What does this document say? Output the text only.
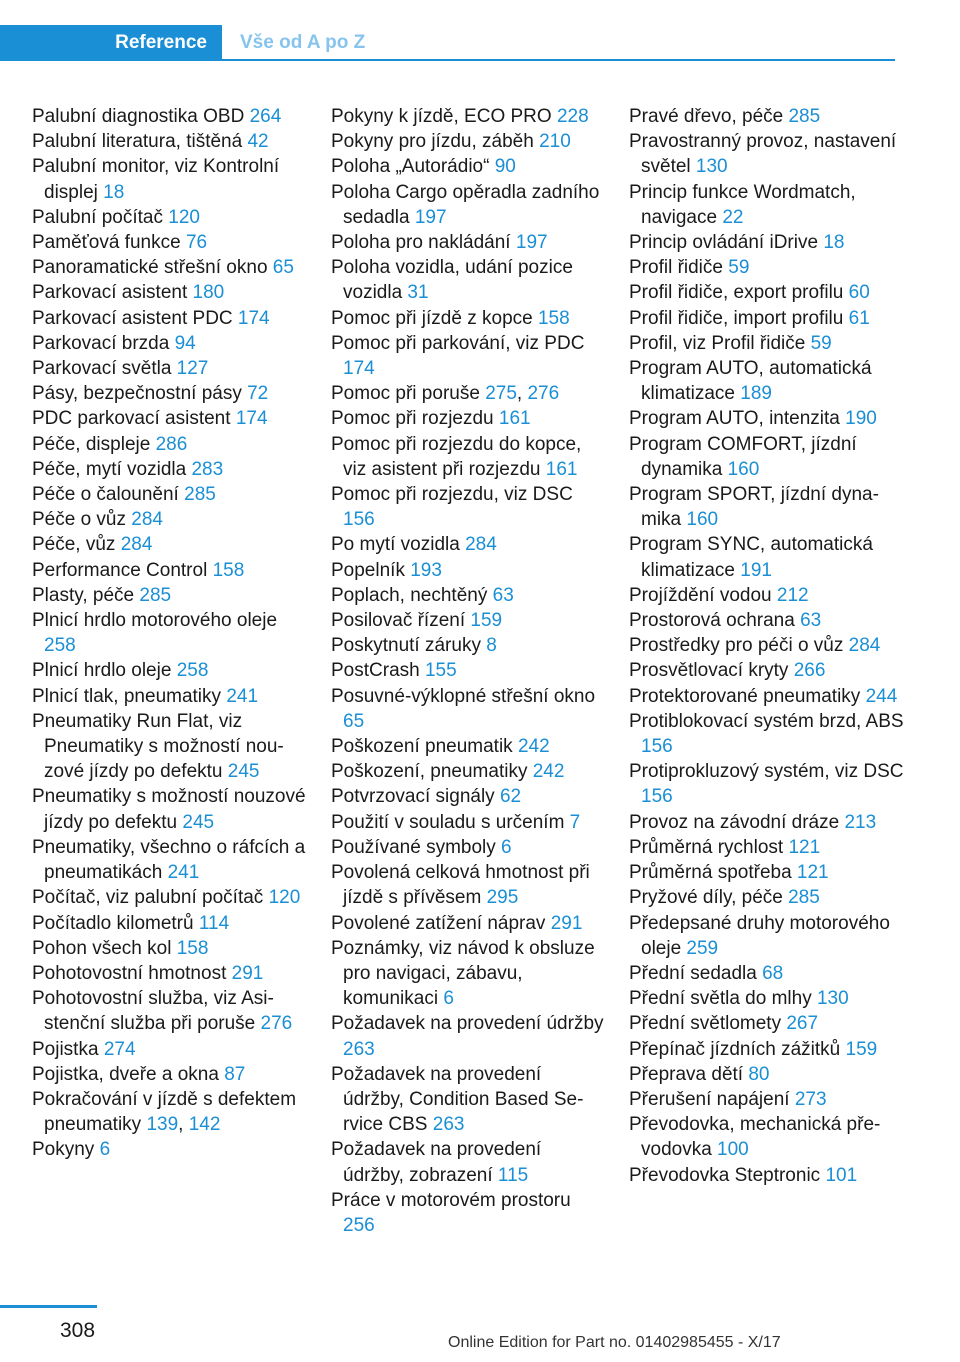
Reference Vše od A po Z
Palubní diagnostika OBD 264
Palubní literatura, tištěná 42
Palubní monitor, viz Kontrolní displej 18
Palubní počítač 120
Paměťová funkce 76
Panoramatické střešní okno 65
Parkovací asistent 180
Parkovací asistent PDC 174
Parkovací brzda 94
Parkovací světla 127
Pásy, bezpečnostní pásy 72
PDC parkovací asistent 174
Péče, displeje 286
Péče, mytí vozidla 283
Péče o čalounění 285
Péče o vůz 284
Péče, vůz 284
Performance Control 158
Plasty, péče 285
Plnicí hrdlo motorového oleje 258
Plnicí hrdlo oleje 258
Plnicí tlak, pneumatiky 241
Pneumatiky Run Flat, viz Pneumatiky s možností nouzové jízdy po defektu 245
Pneumatiky s možností nouzové jízdy po defektu 245
Pneumatiky, všechno o ráfcích a pneumatikách 241
Počítač, viz palubní počítač 120
Počítadlo kilometrů 114
Pohon všech kol 158
Pohotovostní hmotnost 291
Pohotovostní služba, viz Asistenční služba při poruše 276
Pojistka 274
Pojistka, dveře a okna 87
Pokračování v jízdě s defektem pneumatiky 139, 142
Pokyny 6
Pokyny k jízdě, ECO PRO 228
Pokyny pro jízdu, záběh 210
Poloha „Autorádio“ 90
Poloha Cargo opěradla zadního sedadla 197
Poloha pro nakládání 197
Poloha vozidla, udání pozice vozidla 31
Pomoc při jízdě z kopce 158
Pomoc při parkování, viz PDC 174
Pomoc při poruše 275, 276
Pomoc při rozjezdu 161
Pomoc při rozjezdu do kopce, viz asistent při rozjezdu 161
Pomoc při rozjezdu, viz DSC 156
Po mytí vozidla 284
Popelník 193
Poplach, nechtěný 63
Posilovač řízení 159
Poskytnutí záruky 8
PostCrash 155
Posuvné-výklopné střešní okno 65
Poškození pneumatik 242
Poškození, pneumatiky 242
Potvrzovací signály 62
Použití v souladu s určením 7
Používané symboly 6
Povolená celková hmotnost při jízdě s přívěsem 295
Povolené zatížení náprav 291
Poznámky, viz návod k obsluze pro navigaci, zábavu, komunikaci 6
Požadavek na provedení údržby 263
Požadavek na provedení údržby, Condition Based Service CBS 263
Požadavek na provedení údržby, zobrazení 115
Práce v motorovém prostoru 256
Pravé dřevo, péče 285
Pravostranný provoz, nastavení světel 130
Princip funkce Wordmatch, navigace 22
Princip ovládání iDrive 18
Profil řidiče 59
Profil řidiče, export profilu 60
Profil řidiče, import profilu 61
Profil, viz Profil řidiče 59
Program AUTO, automatická klimatizace 189
Program AUTO, intenzita 190
Program COMFORT, jízdní dynamika 160
Program SPORT, jízdní dynamika 160
Program SYNC, automatická klimatizace 191
Projíždění vodou 212
Prostorová ochrana 63
Prostředky pro péči o vůz 284
Prosvětlovací kryty 266
Protektorované pneumatiky 244
Protiblokovací systém brzd, ABS 156
Protiprokluzový systém, viz DSC 156
Provoz na závodní dráze 213
Průměrná rychlost 121
Průměrná spotřeba 121
Pryžové díly, péče 285
Předepsané druhy motorového oleje 259
Přední sedadla 68
Přední světla do mlhy 130
Přední světlomety 267
Přepínač jízdních zážitků 159
Přeprava dětí 80
Přerušení napájení 273
Převodovka, mechanická převodovka 100
Převodovka Steptronic 101
308
Online Edition for Part no. 01402985455 - X/17
